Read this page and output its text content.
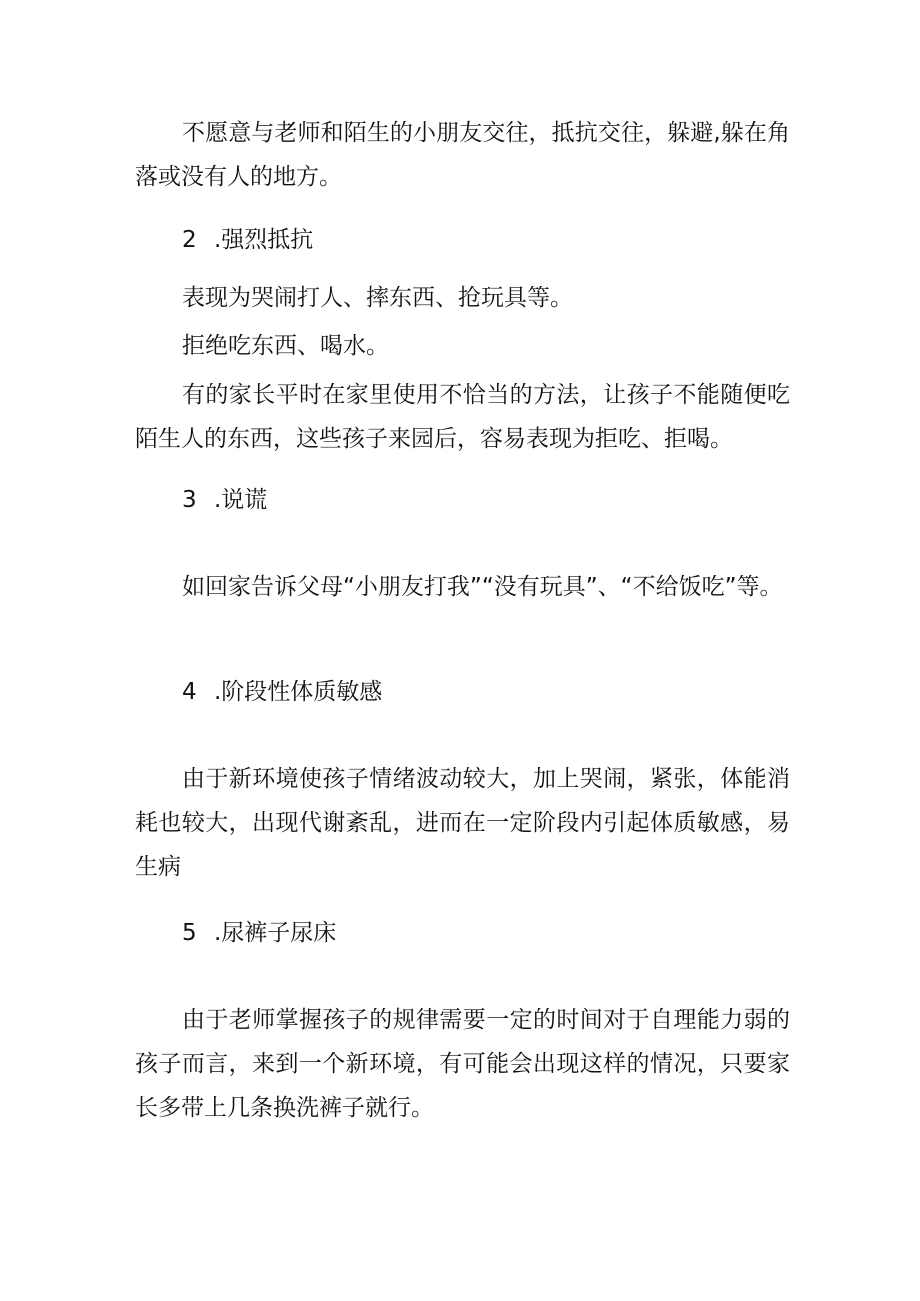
不愿意与老师和陌生的小朋友交往，抵抗交往，躲避,躲在角落或没有人的地方。

2 .强烈抵抗

表现为哭闹打人、摔东西、抢玩具等。

拒绝吃东西、喝水。

有的家长平时在家里使用不恰当的方法，让孩子不能随便吃陌生人的东西，这些孩子来园后，容易表现为拒吃、拒喝。

3 .说谎

如回家告诉父母“小朋友打我”“没有玩具”、“不给饭吃”等。

4 .阶段性体质敏感

由于新环境使孩子情绪波动较大，加上哭闹，紧张，体能消耗也较大，出现代谢紊乱，进而在一定阶段内引起体质敏感，易生病

5 .尿裤子尿床

由于老师掌握孩子的规律需要一定的时间对于自理能力弱的孩子而言，来到一个新环境，有可能会出现这样的情况，只要家长多带上几条换洗裤子就行。
